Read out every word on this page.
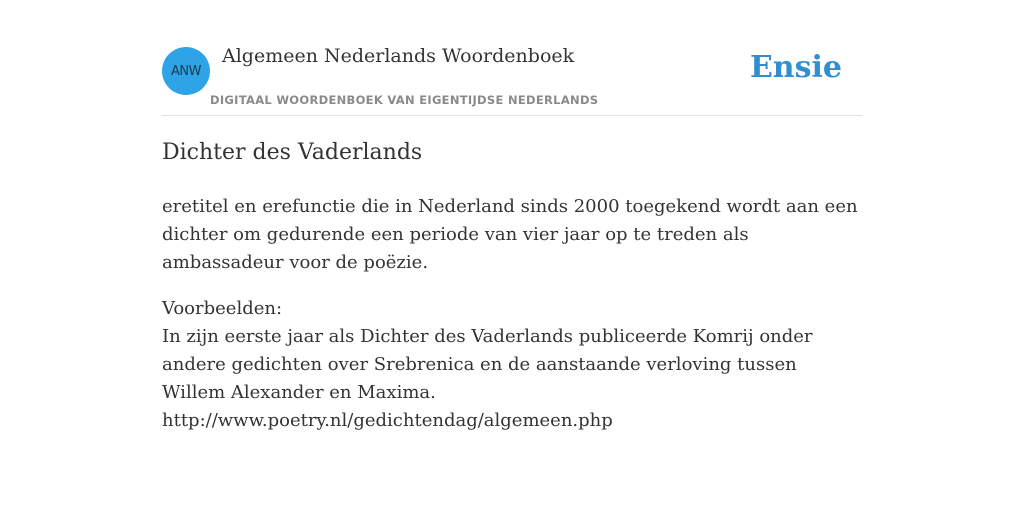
ANW
Algemeen Nederlands Woordenboek
DIGITAAL WOORDENBOEK VAN EIGENTIJDSE NEDERLANDS
Ensie
Dichter des Vaderlands
eretitel en erefunctie die in Nederland sinds 2000 toegekend wordt aan een dichter om gedurende een periode van vier jaar op te treden als ambassadeur voor de poëzie.
Voorbeelden:
In zijn eerste jaar als Dichter des Vaderlands publiceerde Komrij onder andere gedichten over Srebrenica en de aanstaande verloving tussen Willem Alexander en Maxima.
http://www.poetry.nl/gedichtendag/algemeen.php
